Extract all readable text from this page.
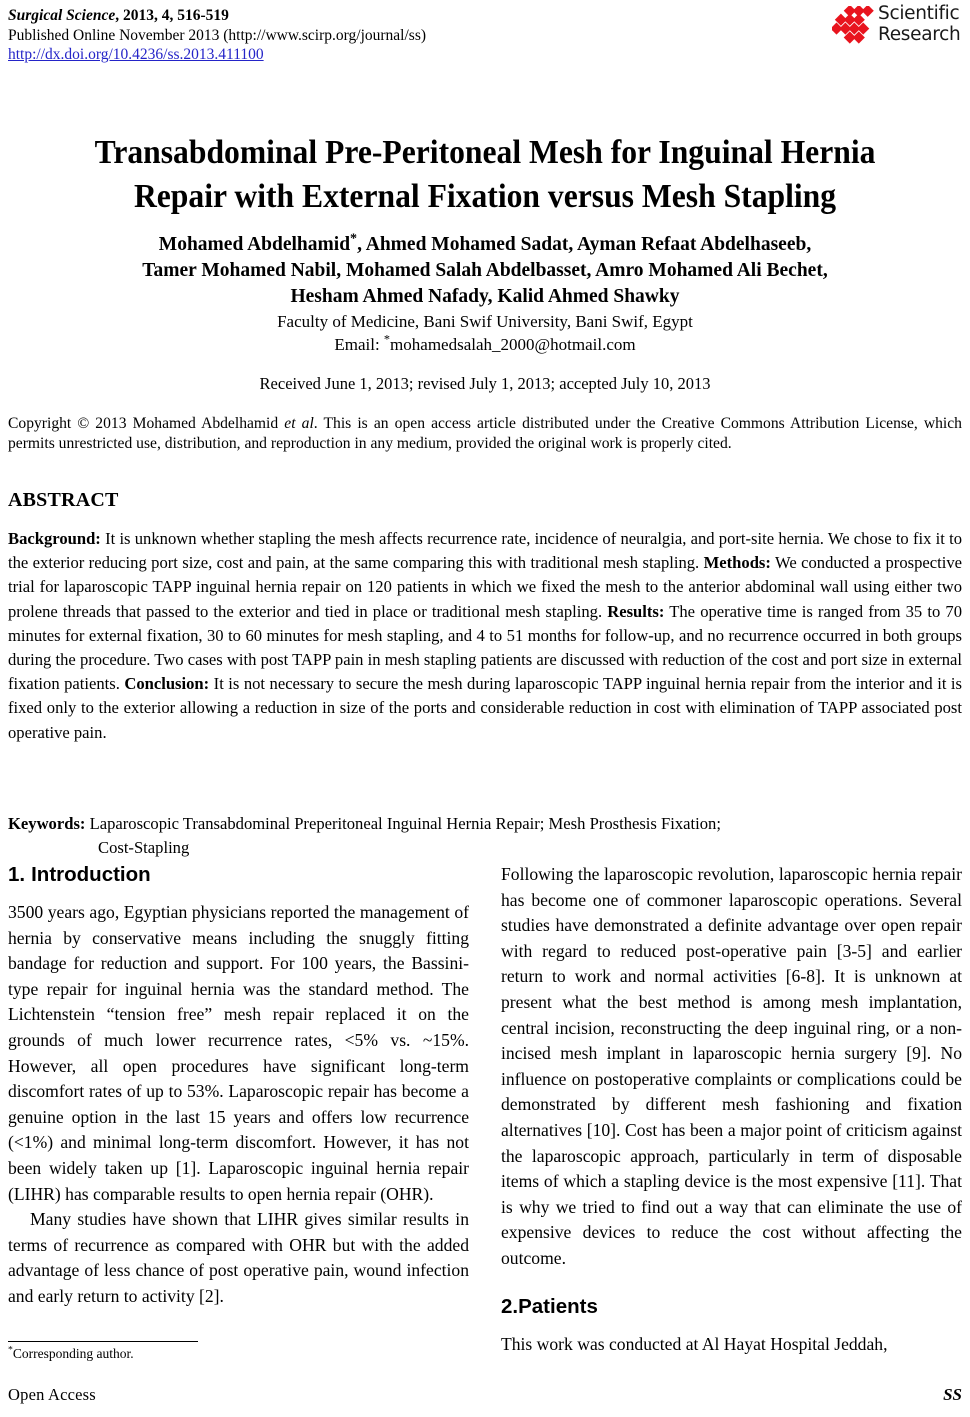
Surgical Science, 2013, 4, 516-519
Published Online November 2013 (http://www.scirp.org/journal/ss)
http://dx.doi.org/10.4236/ss.2013.411100
Scientific
Research
Transabdominal Pre-Peritoneal Mesh for Inguinal Hernia Repair with External Fixation versus Mesh Stapling
Mohamed Abdelhamid*, Ahmed Mohamed Sadat, Ayman Refaat Abdelhaseeb,
Tamer Mohamed Nabil, Mohamed Salah Abdelbasset, Amro Mohamed Ali Bechet,
Hesham Ahmed Nafady, Kalid Ahmed Shawky
Faculty of Medicine, Bani Swif University, Bani Swif, Egypt
Email: *mohamedsalah_2000@hotmail.com
Received June 1, 2013; revised July 1, 2013; accepted July 10, 2013
Copyright © 2013 Mohamed Abdelhamid et al. This is an open access article distributed under the Creative Commons Attribution License, which permits unrestricted use, distribution, and reproduction in any medium, provided the original work is properly cited.
ABSTRACT
Background: It is unknown whether stapling the mesh affects recurrence rate, incidence of neuralgia, and port-site hernia. We chose to fix it to the exterior reducing port size, cost and pain, at the same comparing this with traditional mesh stapling. Methods: We conducted a prospective trial for laparoscopic TAPP inguinal hernia repair on 120 patients in which we fixed the mesh to the anterior abdominal wall using either two prolene threads that passed to the exterior and tied in place or traditional mesh stapling. Results: The operative time is ranged from 35 to 70 minutes for external fixation, 30 to 60 minutes for mesh stapling, and 4 to 51 months for follow-up, and no recurrence occurred in both groups during the procedure. Two cases with post TAPP pain in mesh stapling patients are discussed with reduction of the cost and port size in external fixation patients. Conclusion: It is not necessary to secure the mesh during laparoscopic TAPP inguinal hernia repair from the interior and it is fixed only to the exterior allowing a reduction in size of the ports and considerable reduction in cost with elimination of TAPP associated post operative pain.
Keywords: Laparoscopic Transabdominal Preperitoneal Inguinal Hernia Repair; Mesh Prosthesis Fixation;
Cost-Stapling
1. Introduction

3500 years ago, Egyptian physicians reported the management of hernia by conservative means including the snuggly fitting bandage for reduction and support. For 100 years, the Bassini-type repair for inguinal hernia was the standard method. The Lichtenstein “tension free” mesh repair replaced it on the grounds of much lower recurrence rates, <5% vs. ~15%. However, all open procedures have significant long-term discomfort rates of up to 53%. Laparoscopic repair has become a genuine option in the last 15 years and offers low recurrence (<1%) and minimal long-term discomfort. However, it has not been widely taken up [1]. Laparoscopic inguinal hernia repair (LIHR) has comparable results to open hernia repair (OHR).

Many studies have shown that LIHR gives similar results in terms of recurrence as compared with OHR but with the added advantage of less chance of post operative pain, wound infection and early return to activity [2].

*Corresponding author.

Following the laparoscopic revolution, laparoscopic hernia repair has become one of commoner laparoscopic operations. Several studies have demonstrated a definite advantage over open repair with regard to reduced post-operative pain [3-5] and earlier return to work and normal activities [6-8]. It is unknown at present what the best method is among mesh implantation, central incision, reconstructing the deep inguinal ring, or a non-incised mesh implant in laparoscopic hernia surgery [9]. No influence on postoperative complaints or complications could be demonstrated by different mesh fashioning and fixation alternatives [10]. Cost has been a major point of criticism against the laparoscopic approach, particularly in term of disposable items of which a stapling device is the most expensive [11]. That is why we tried to find out a way that can eliminate the use of expensive devices to reduce the cost without affecting the outcome.

2.Patients

This work was conducted at Al Hayat Hospital Jeddah,

Open Access	SS
